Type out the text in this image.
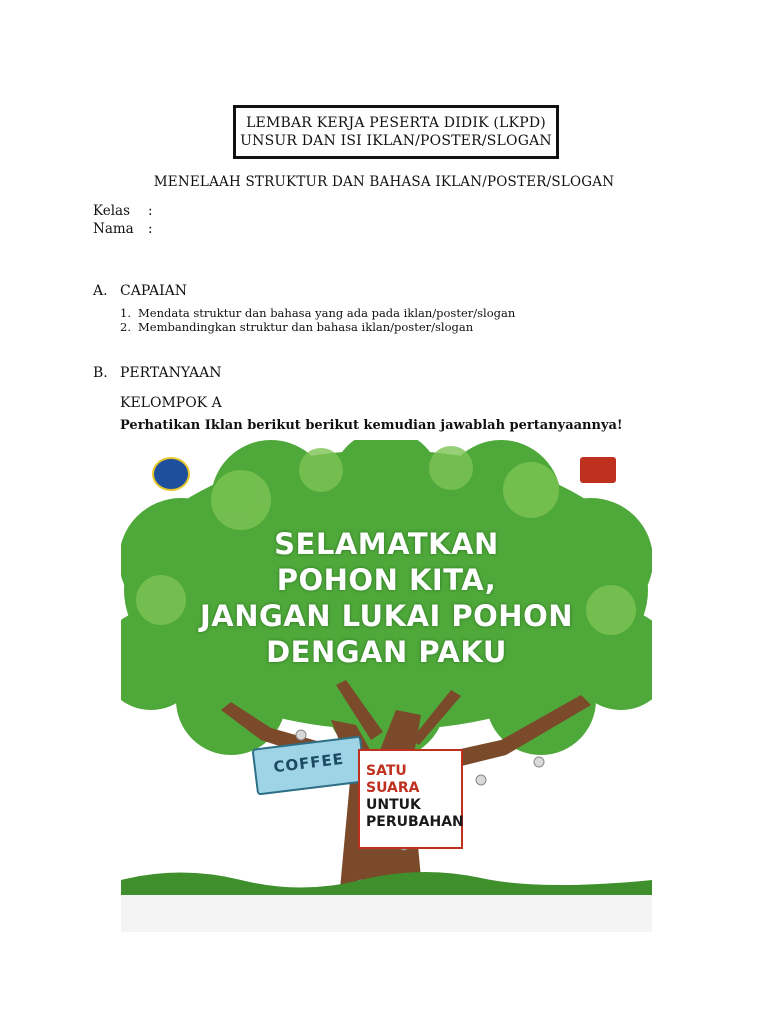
LEMBAR KERJA PESERTA DIDIK (LKPD)
UNSUR DAN ISI IKLAN/POSTER/SLOGAN
MENELAAH STRUKTUR DAN BAHASA IKLAN/POSTER/SLOGAN
Kelas :
Nama :
A. CAPAIAN
1. Mendata struktur dan bahasa yang ada pada iklan/poster/slogan
2. Membandingkan struktur dan bahasa iklan/poster/slogan
B. PERTANYAAN
KELOMPOK A
Perhatikan Iklan berikut berikut kemudian jawablah pertanyaannya!
SELAMATKAN
POHON KITA,
JANGAN LUKAI POHON
DENGAN PAKU
COFFEE	SATU
SUARA
UNTUK
PERUBAHAN
